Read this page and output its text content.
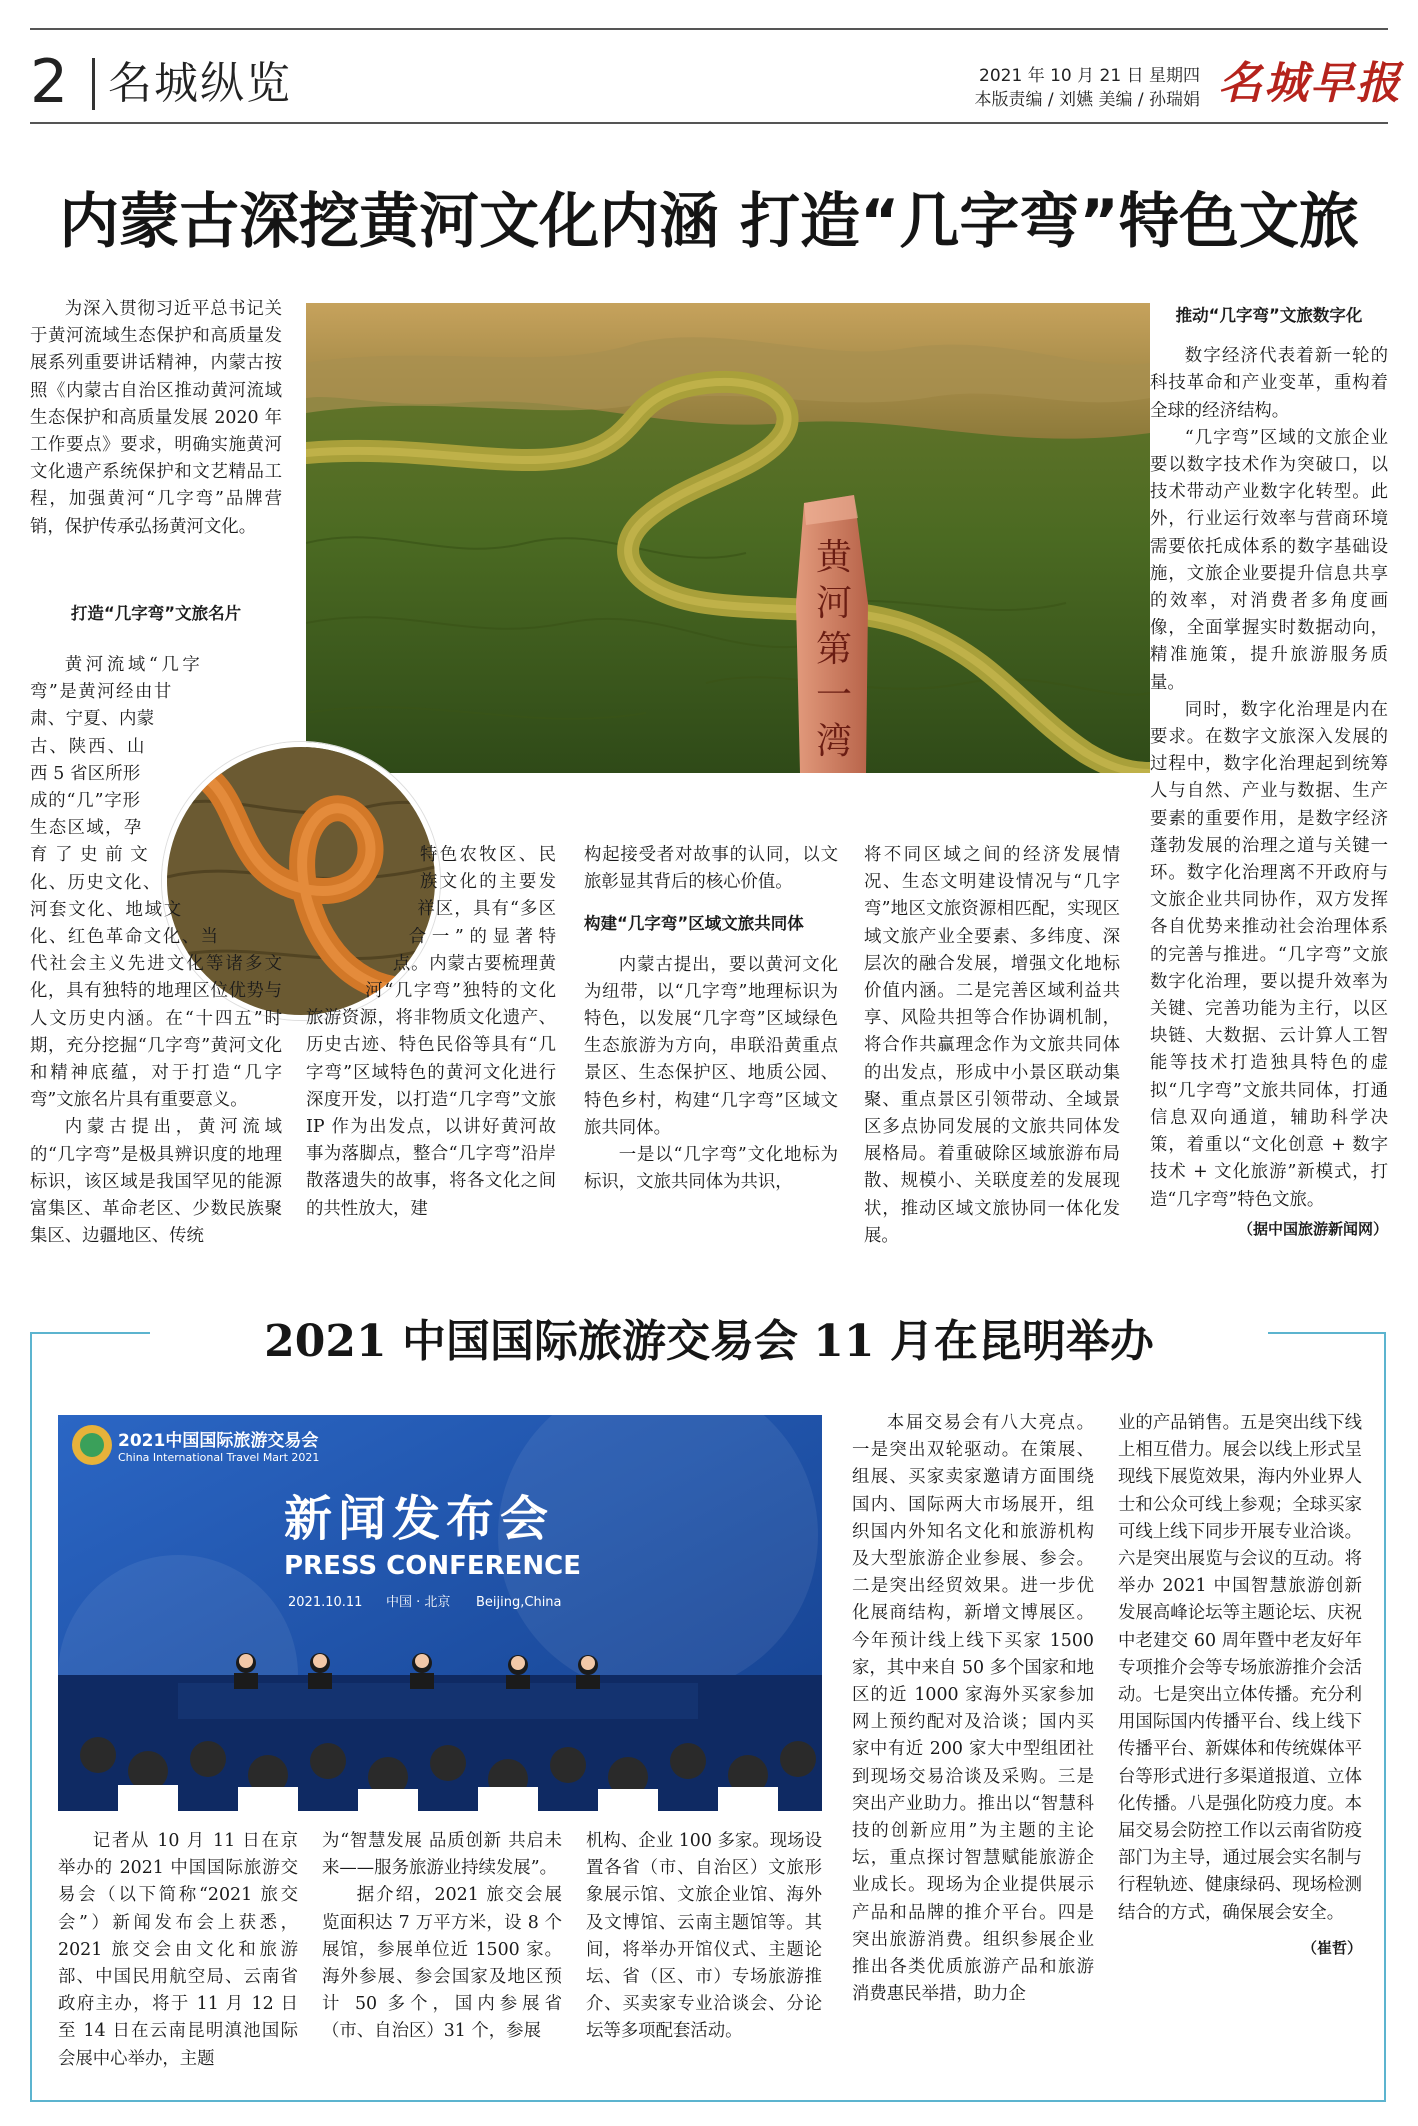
2 名城纵览	2021 年 10 月 21 日 星期四
本版责编 / 刘嬿 美编 / 孙瑞娟 名城早报
内蒙古深挖黄河文化内涵 打造“几字弯”特色文旅
黄河第一湾

为深入贯彻习近平总书记关于黄河流域生态保护和高质量发展系列重要讲话精神，内蒙古按照《内蒙古自治区推动黄河流域生态保护和高质量发展 2020 年工作要点》要求，明确实施黄河文化遗产系统保护和文艺精品工程，加强黄河“几字弯”品牌营销，保护传承弘扬黄河文化。

打造“几字弯”文旅名片

黄河流域“几字弯”是黄河经由甘肃、宁夏、内蒙古、陕西、山西 5 省区所形成的“几”字形生态区域，孕育了史前文化、历史文化、河套文化、地域文化、红色革命文化、当代社会主义先进文化等诸多文化，具有独特的地理区位优势与人文历史内涵。在“十四五”时期，充分挖掘“几字弯”黄河文化和精神底蕴，对于打造“几字弯”文旅名片具有重要意义。

内蒙古提出，黄河流域的“几字弯”是极具辨识度的地理标识，该区域是我国罕见的能源富集区、革命老区、少数民族聚集区、边疆地区、传统

特色农牧区、民族文化的主要发祥区，具有“多区合一”的显著特点。内蒙古要梳理黄河“几字弯”独特的文化旅游资源，将非物质文化遗产、历史古迹、特色民俗等具有“几字弯”区域特色的黄河文化进行深度开发，以打造“几字弯”文旅 IP 作为出发点，以讲好黄河故事为落脚点，整合“几字弯”沿岸散落遗失的故事，将各文化之间的共性放大，建

构起接受者对故事的认同，以文旅彰显其背后的核心价值。

构建“几字弯”区域文旅共同体

内蒙古提出，要以黄河文化为纽带，以“几字弯”地理标识为特色，以发展“几字弯”区域绿色生态旅游为方向，串联沿黄重点景区、生态保护区、地质公园、特色乡村，构建“几字弯”区域文旅共同体。

一是以“几字弯”文化地标为标识，文旅共同体为共识，

将不同区域之间的经济发展情况、生态文明建设情况与“几字弯”地区文旅资源相匹配，实现区域文旅产业全要素、多纬度、深层次的融合发展，增强文化地标价值内涵。二是完善区域利益共享、风险共担等合作协调机制，将合作共赢理念作为文旅共同体的出发点，形成中小景区联动集聚、重点景区引领带动、全域景区多点协同发展的文旅共同体发展格局。着重破除区域旅游布局散、规模小、关联度差的发展现状，推动区域文旅协同一体化发展。

推动“几字弯”文旅数字化

数字经济代表着新一轮的科技革命和产业变革，重构着全球的经济结构。

“几字弯”区域的文旅企业要以数字技术作为突破口，以技术带动产业数字化转型。此外，行业运行效率与营商环境需要依托成体系的数字基础设施，文旅企业要提升信息共享的效率，对消费者多角度画像，全面掌握实时数据动向，精准施策，提升旅游服务质量。

同时，数字化治理是内在要求。在数字文旅深入发展的过程中，数字化治理起到统筹人与自然、产业与数据、生产要素的重要作用，是数字经济蓬勃发展的治理之道与关键一环。数字化治理离不开政府与文旅企业共同协作，双方发挥各自优势来推动社会治理体系的完善与推进。“几字弯”文旅数字化治理，要以提升效率为关键、完善功能为主行，以区块链、大数据、云计算人工智能等技术打造独具特色的虚拟“几字弯”文旅共同体，打通信息双向通道，辅助科学决策，着重以“文化创意 + 数字技术 + 文化旅游”新模式，打造“几字弯”特色文旅。

（据中国旅游新闻网）

2021 中国国际旅游交易会 11 月在昆明举办
2021中国国际旅游交易会
China International Travel Mart 2021
新闻发布会
PRESS CONFERENCE
2021.10.11 中国 · 北京 Beijing,China

记者从 10 月 11 日在京举办的 2021 中国国际旅游交易会（以下简称“2021 旅交会”）新闻发布会上获悉，2021 旅交会由文化和旅游部、中国民用航空局、云南省政府主办，将于 11 月 12 日至 14 日在云南昆明滇池国际会展中心举办，主题

为“智慧发展 品质创新 共启未来——服务旅游业持续发展”。

据介绍，2021 旅交会展览面积达 7 万平方米，设 8 个展馆，参展单位近 1500 家。海外参展、参会国家及地区预计 50 多个，国内参展省（市、自治区）31 个，参展

机构、企业 100 多家。现场设置各省（市、自治区）文旅形象展示馆、文旅企业馆、海外及文博馆、云南主题馆等。其间，将举办开馆仪式、主题论坛、省（区、市）专场旅游推介、买卖家专业洽谈会、分论坛等多项配套活动。

本届交易会有八大亮点。一是突出双轮驱动。在策展、组展、买家卖家邀请方面围绕国内、国际两大市场展开，组织国内外知名文化和旅游机构及大型旅游企业参展、参会。二是突出经贸效果。进一步优化展商结构，新增文博展区。今年预计线上线下买家 1500 家，其中来自 50 多个国家和地区的近 1000 家海外买家参加网上预约配对及洽谈；国内买家中有近 200 家大中型组团社到现场交易洽谈及采购。三是突出产业助力。推出以“智慧科技的创新应用”为主题的主论坛，重点探讨智慧赋能旅游企业成长。现场为企业提供展示产品和品牌的推介平台。四是突出旅游消费。组织参展企业推出各类优质旅游产品和旅游消费惠民举措，助力企

业的产品销售。五是突出线下线上相互借力。展会以线上形式呈现线下展览效果，海内外业界人士和公众可线上参观；全球买家可线上线下同步开展专业洽谈。六是突出展览与会议的互动。将举办 2021 中国智慧旅游创新发展高峰论坛等主题论坛、庆祝中老建交 60 周年暨中老友好年专项推介会等专场旅游推介会活动。七是突出立体传播。充分利用国际国内传播平台、线上线下传播平台、新媒体和传统媒体平台等形式进行多渠道报道、立体化传播。八是强化防疫力度。本届交易会防控工作以云南省防疫部门为主导，通过展会实名制与行程轨迹、健康绿码、现场检测结合的方式，确保展会安全。

（崔哲）
